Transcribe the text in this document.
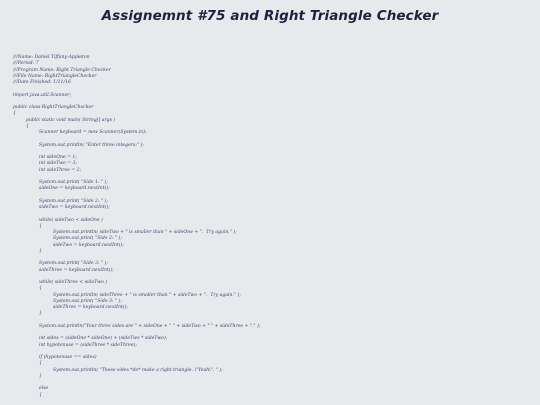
Assignemnt #75 and Right Triangle Checker
///Name: Daniel Tiffany-Appleton
///Period: 7
///Program Name: Right Triangle Checker
///File Name: RightTriangleChecker
///Date Finished: 1/11/16
import java.util.Scanner;
public class RightTriangleChecker
{
public static void main( String[] args )
{
Scanner keyboard = new Scanner(System.in);
System.out.println( "Enter three integers:" );
int sideOne = 1;
int sideTwo = 3;
int sideThree = 2;
System.out.print( "Side 1: " );
sideOne = keyboard.nextInt();
System.out.print( "Side 2: " );
sideTwo = keyboard.nextInt();
while( sideTwo < sideOne )
{
System.out.println( sideTwo + " is smaller than " + sideOne + ".  Try again." );
System.out.print( "Side 2: " );
sideTwo = keyboard.nextInt();
}
System.out.print( "Side 3: " );
sideThree = keyboard.nextInt();
while( sideThree < sideTwo )
{
System.out.println( sideThree + " is smaller than " + sideTwo + ".  Try again." );
System.out.print( "Side 3: " );
sideThree = keyboard.nextInt();
}
System.out.println("Your three sides are " + sideOne + " " + sideTwo + " " + sideThree + "." );
int sides = (sideOne * sideOne) + (sideTwo * sideTwo);
int hypotenuse = (sideThree * sideThree);
if (hypotenuse == sides)
{
System.out.println( "These sides *do* make a right triangle. \"Yeah\". " );
}
else
{
